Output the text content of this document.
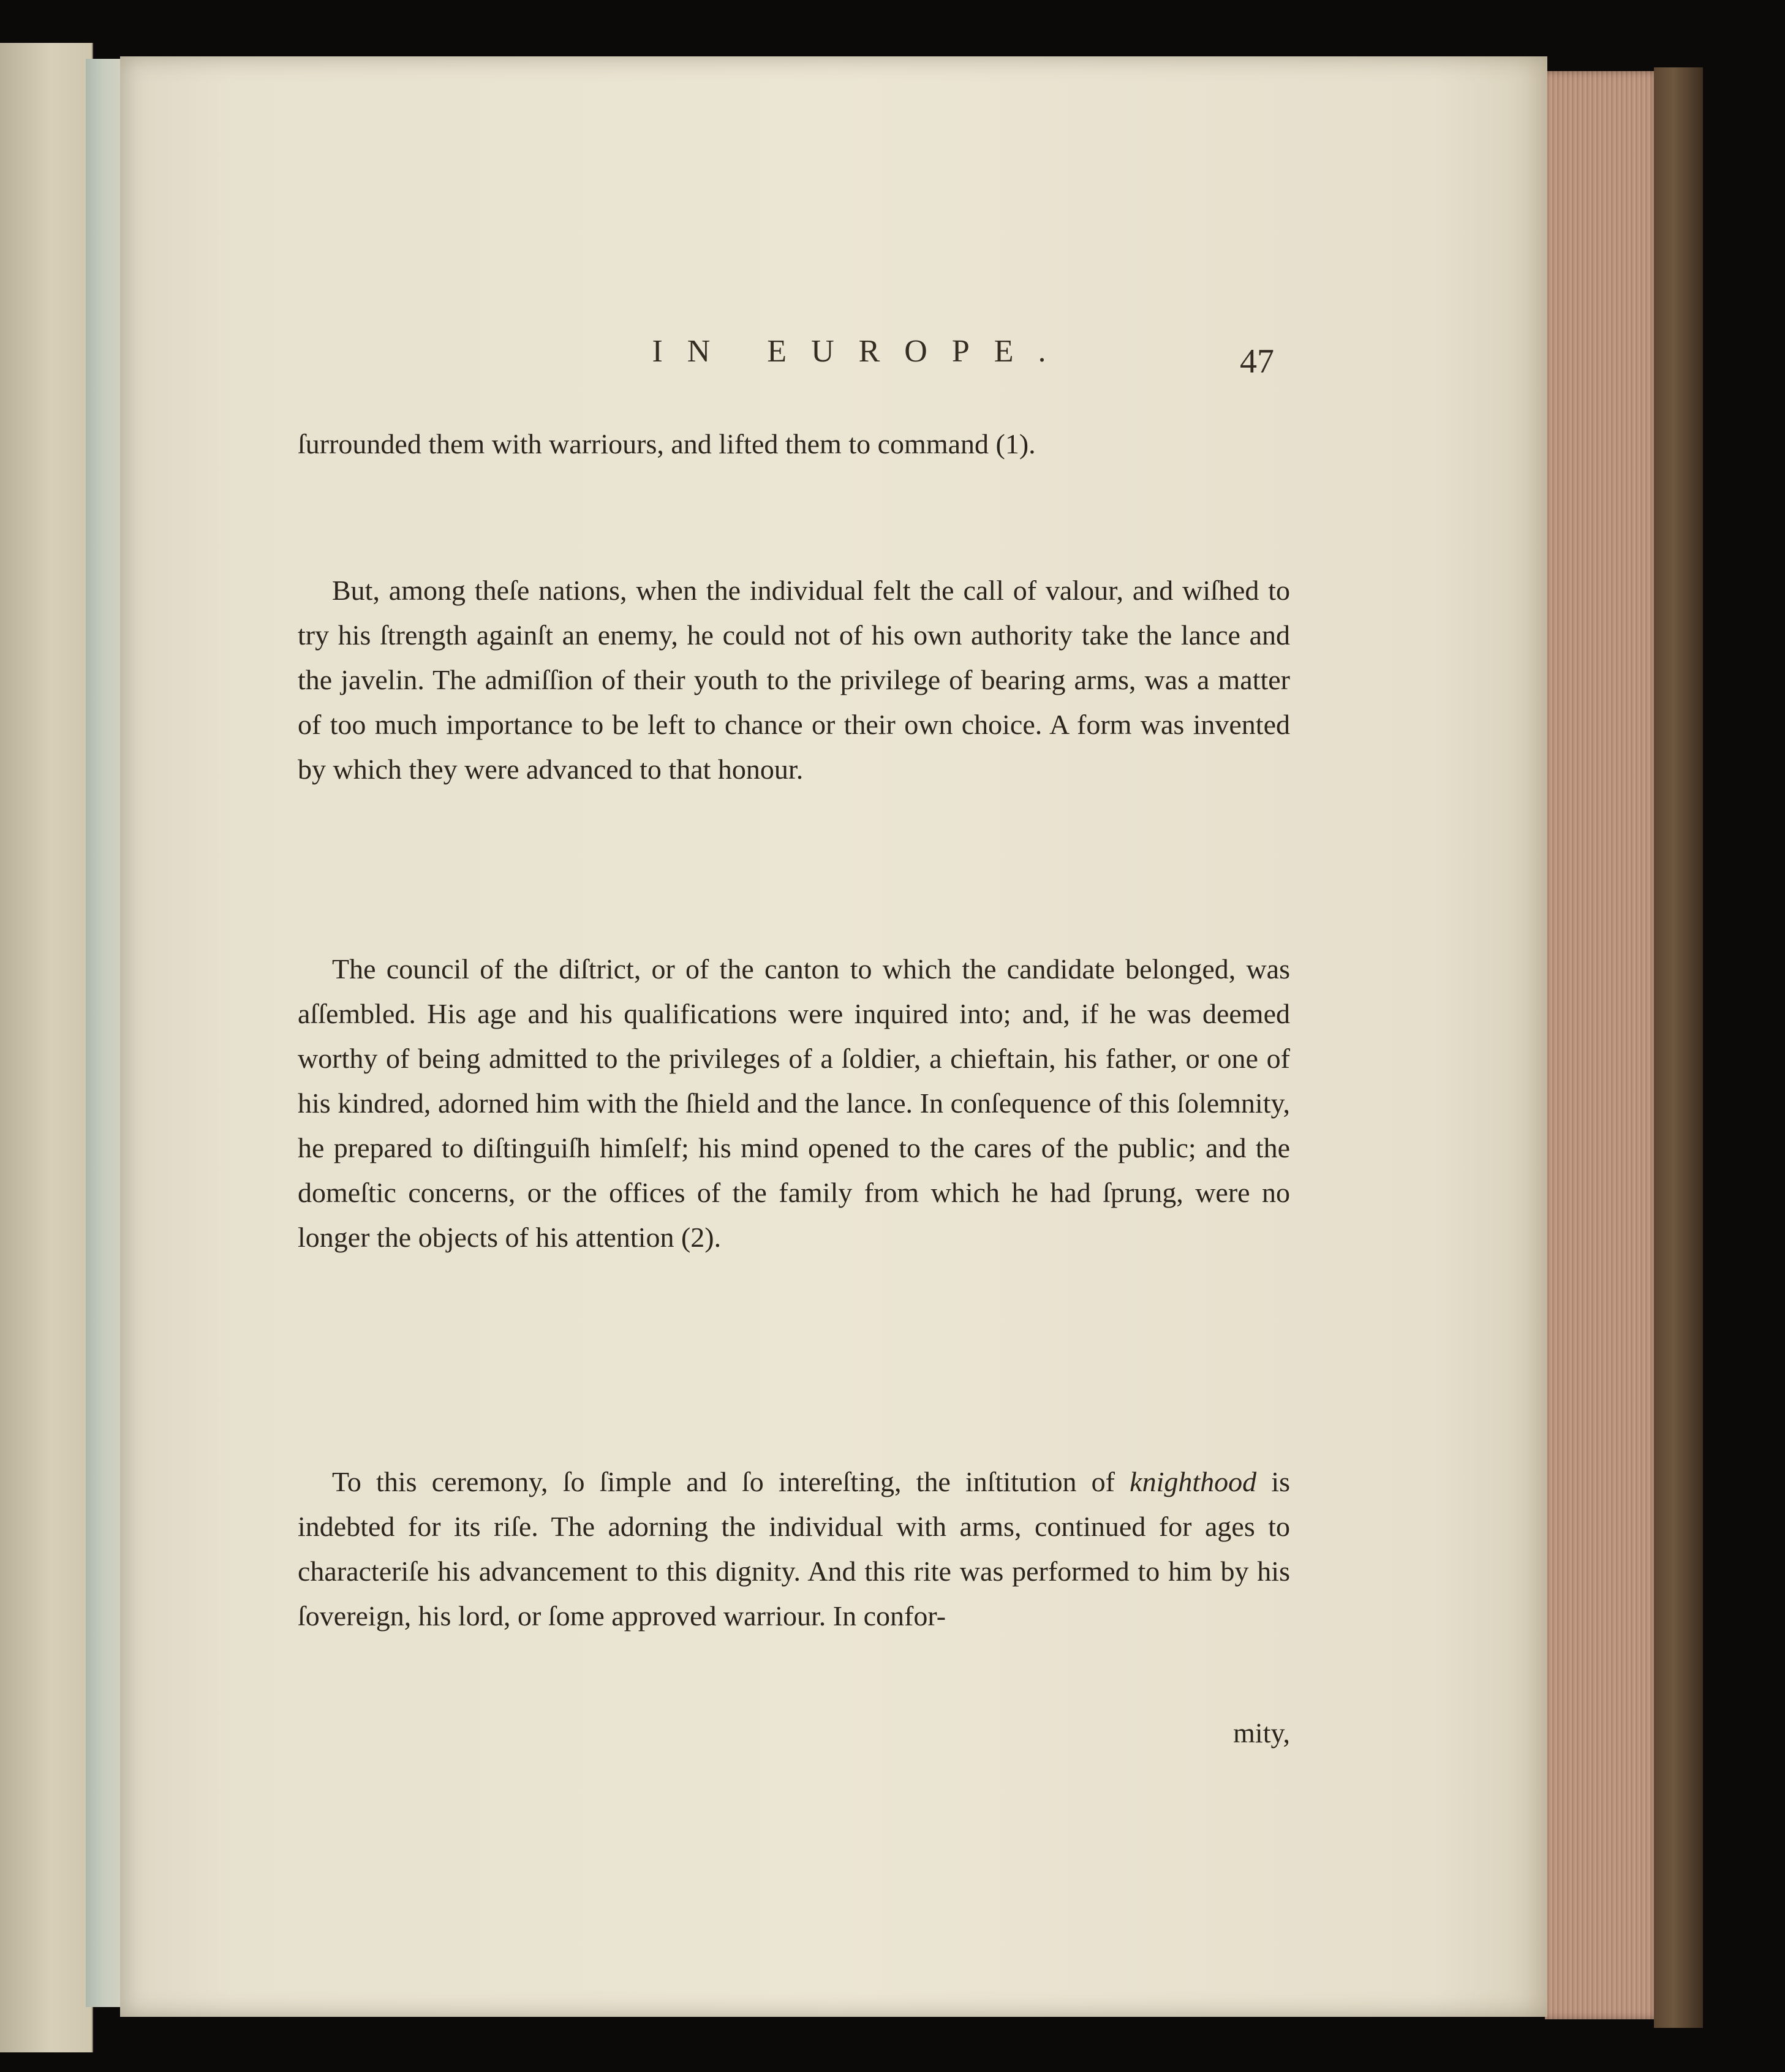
IN EUROPE.	47

ſurrounded them with warriours, and lifted them to command (1).

But, among theſe nations, when the individual felt the call of valour, and wiſhed to try his ſtrength againſt an enemy, he could not of his own authority take the lance and the javelin. The admiſſion of their youth to the privilege of bearing arms, was a matter of too much importance to be left to chance or their own choice. A form was invented by which they were advanced to that honour.

The council of the diſtrict, or of the canton to which the candidate belonged, was aſſembled. His age and his qualifications were inquired into; and, if he was deemed worthy of being admitted to the privileges of a ſoldier, a chieftain, his father, or one of his kindred, adorned him with the ſhield and the lance. In conſequence of this ſolemnity, he prepared to diſtinguiſh himſelf; his mind opened to the cares of the public; and the domeſtic concerns, or the offices of the family from which he had ſprung, were no longer the objects of his attention (2).

To this ceremony, ſo ſimple and ſo intereſting, the inſtitution of knighthood is indebted for its riſe. The adorning the individual with arms, continued for ages to characteriſe his advancement to this dignity. And this rite was performed to him by his ſovereign, his lord, or ſome approved warriour. In confor-

mity,
